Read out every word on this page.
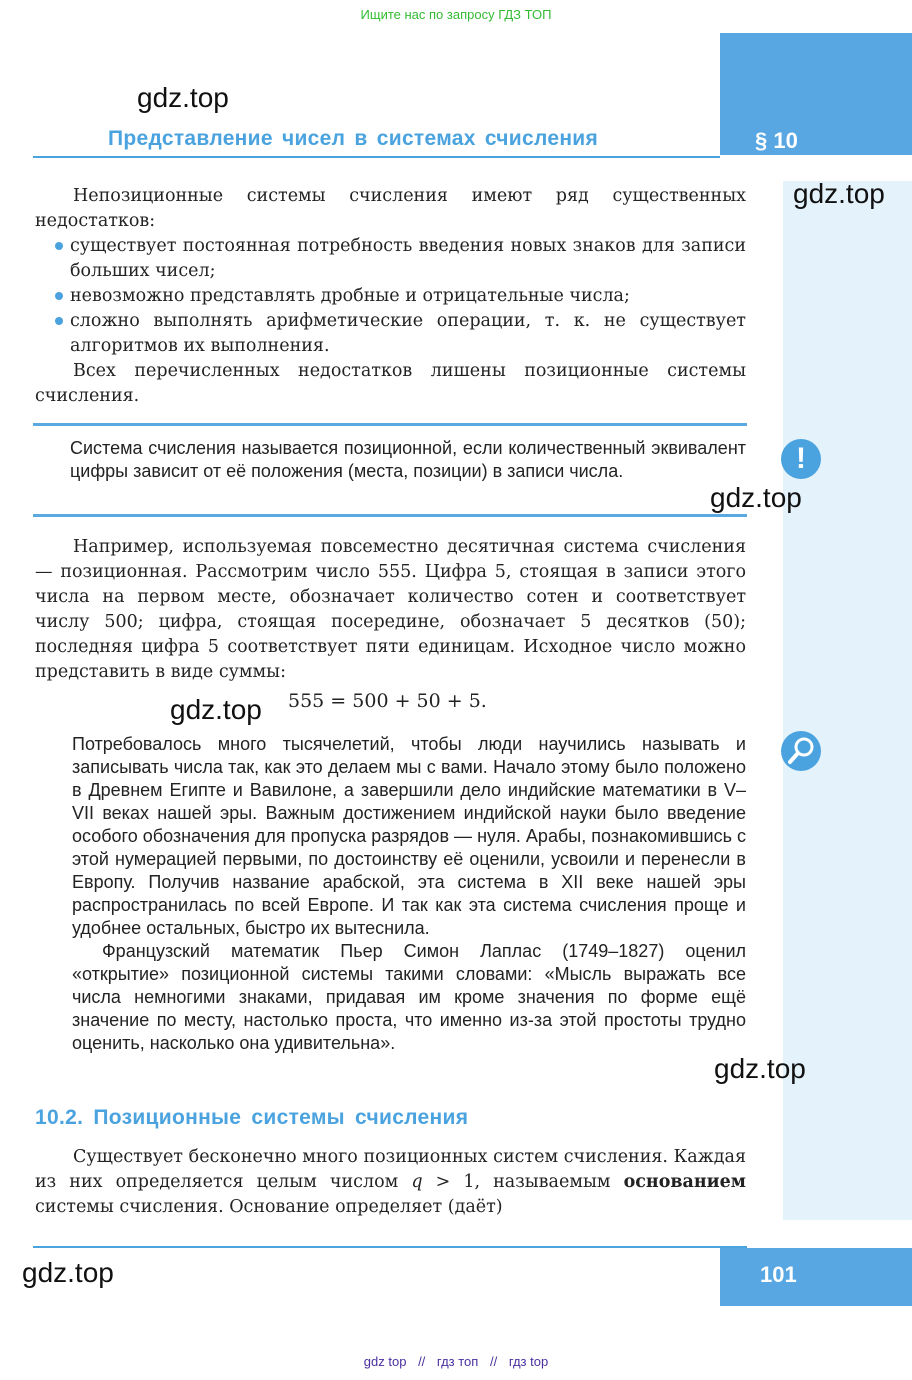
Ищите нас по запросу ГДЗ ТОП
§ 10
gdz.top
Представление чисел в системах счисления
gdz.top
Непозиционные системы счисления имеют ряд существенных недостатков:
существует постоянная потребность введения новых знаков для записи больших чисел;
невозможно представлять дробные и отрицательные числа;
сложно выполнять арифметические операции, т. к. не существует алгоритмов их выполнения.
Всех перечисленных недостатков лишены позиционные системы счисления.
Система счисления называется позиционной, если количественный эквивалент цифры зависит от её положения (места, позиции) в записи числа.	!
gdz.top
Например, используемая повсеместно десятичная система счисления — позиционная. Рассмотрим число 555. Цифра 5, стоящая в записи этого числа на первом месте, обозначает количество сотен и соответствует числу 500; цифра, стоящая посередине, обозначает 5 десятков (50); последняя цифра 5 соответствует пяти единицам. Исходное число можно представить в виде суммы:
gdz.top 555 = 500 + 50 + 5.

Потребовалось много тысячелетий, чтобы люди научились называть и записывать числа так, как это делаем мы с вами. Начало этому было положено в Древнем Египте и Вавилоне, а завершили дело индийские математики в V–VII веках нашей эры. Важным достижением индийской науки было введение особого обозначения для пропуска разрядов — нуля. Арабы, познакомившись с этой нумерацией первыми, по достоинству её оценили, усвоили и перенесли в Европу. Получив название арабской, эта система в XII веке нашей эры распространилась по всей Европе. И так как эта система счисления проще и удобнее остальных, быстро их вытеснила.

Французский математик Пьер Симон Лаплас (1749–1827) оценил «открытие» позиционной системы такими словами: «Мысль выражать все числа немногими знаками, придавая им кроме значения по форме ещё значение по месту, настолько проста, что именно из-за этой простоты трудно оценить, насколько она удивительна».

gdz.top
10.2. Позиционные системы счисления
Существует бесконечно много позиционных систем счисления. Каждая из них определяется целым числом q > 1, называемым основанием системы счисления. Основание определяет (даёт)
gdz.top	101
gdz top // гдз топ // гдз top
